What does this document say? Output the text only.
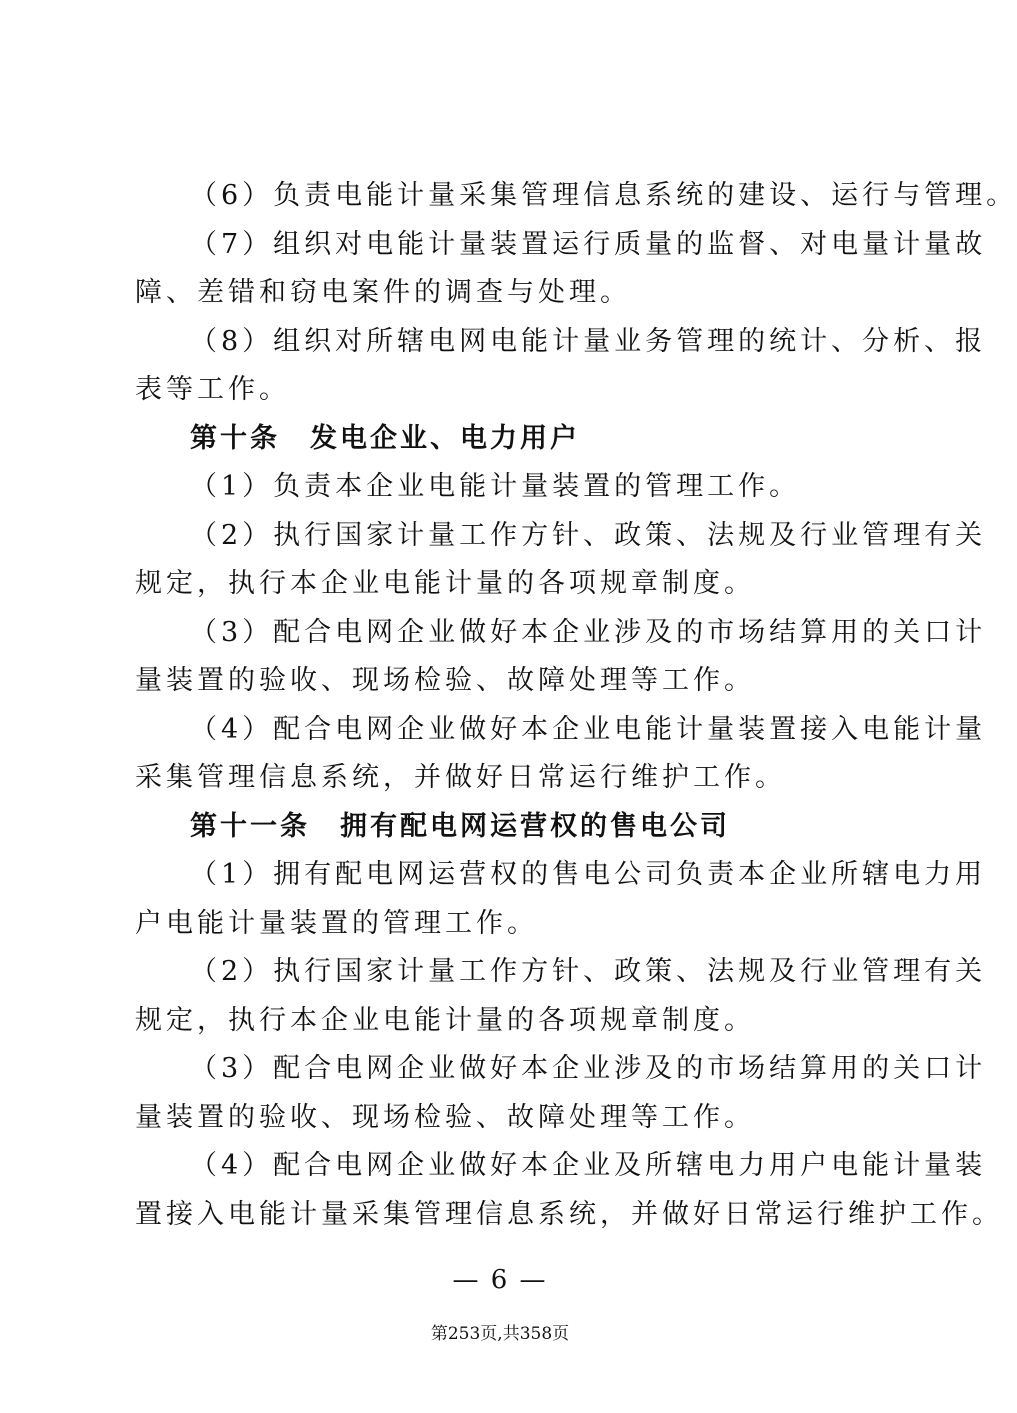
（6）负责电能计量采集管理信息系统的建设、运行与管理。
（7）组织对电能计量装置运行质量的监督、对电量计量故
障、差错和窃电案件的调查与处理。
（8）组织对所辖电网电能计量业务管理的统计、分析、报
表等工作。
第十条　发电企业、电力用户
（1）负责本企业电能计量装置的管理工作。
（2）执行国家计量工作方针、政策、法规及行业管理有关
规定，执行本企业电能计量的各项规章制度。
（3）配合电网企业做好本企业涉及的市场结算用的关口计
量装置的验收、现场检验、故障处理等工作。
（4）配合电网企业做好本企业电能计量装置接入电能计量
采集管理信息系统，并做好日常运行维护工作。
第十一条　拥有配电网运营权的售电公司
（1）拥有配电网运营权的售电公司负责本企业所辖电力用
户电能计量装置的管理工作。
（2）执行国家计量工作方针、政策、法规及行业管理有关
规定，执行本企业电能计量的各项规章制度。
（3）配合电网企业做好本企业涉及的市场结算用的关口计
量装置的验收、现场检验、故障处理等工作。
（4）配合电网企业做好本企业及所辖电力用户电能计量装
置接入电能计量采集管理信息系统，并做好日常运行维护工作。
— 6 —
第253页,共358页
